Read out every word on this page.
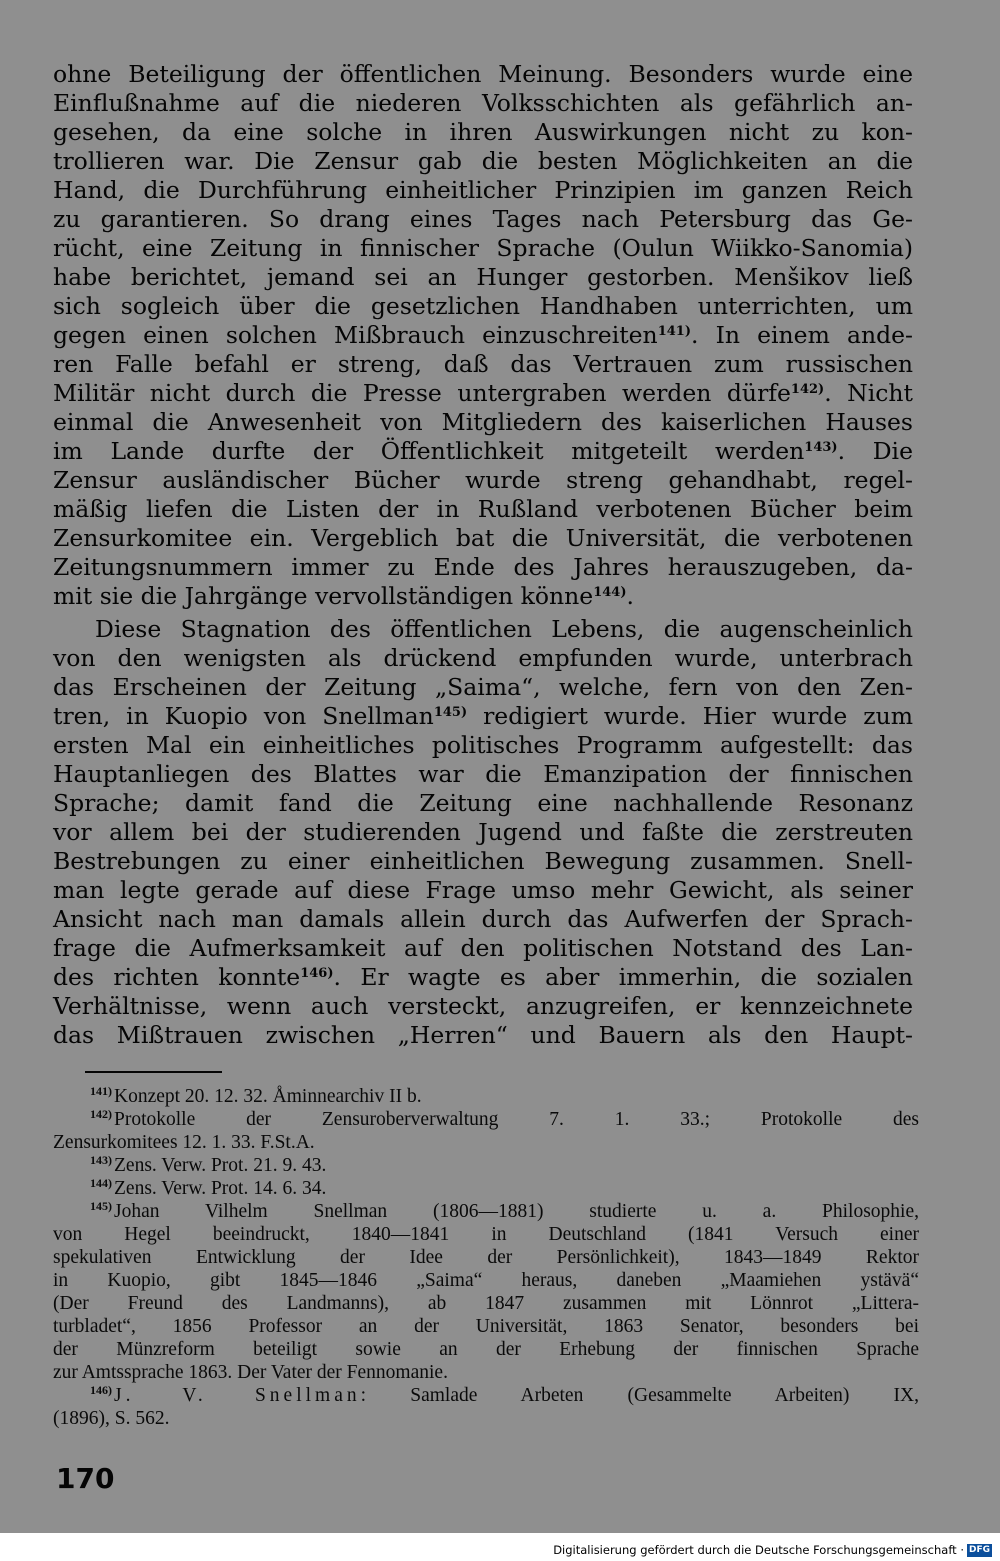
ohne Beteiligung der öffentlichen Meinung. Besonders wurde eine

Einflußnahme auf die niederen Volksschichten als gefährlich an-

gesehen, da eine solche in ihren Auswirkungen nicht zu kon-

trollieren war. Die Zensur gab die besten Möglichkeiten an die

Hand, die Durchführung einheitlicher Prinzipien im ganzen Reich

zu garantieren. So drang eines Tages nach Petersburg das Ge-

rücht, eine Zeitung in finnischer Sprache (Oulun Wiikko-Sanomia)

habe berichtet, jemand sei an Hunger gestorben. Menšikov ließ

sich sogleich über die gesetzlichen Handhaben unterrichten, um

gegen einen solchen Mißbrauch einzuschreiten$^{141)}$. In einem ande-

ren Falle befahl er streng, daß das Vertrauen zum russischen

Militär nicht durch die Presse untergraben werden dürfe$^{142)}$. Nicht

einmal die Anwesenheit von Mitgliedern des kaiserlichen Hauses

im Lande durfte der Öffentlichkeit mitgeteilt werden$^{143)}$. Die

Zensur ausländischer Bücher wurde streng gehandhabt, regel-

mäßig liefen die Listen der in Rußland verbotenen Bücher beim

Zensurkomitee ein. Vergeblich bat die Universität, die verbotenen

Zeitungsnummern immer zu Ende des Jahres herauszugeben, da-

mit sie die Jahrgänge vervollständigen könne$^{144)}$.

Diese Stagnation des öffentlichen Lebens, die augenscheinlich

von den wenigsten als drückend empfunden wurde, unterbrach

das Erscheinen der Zeitung „Saima“, welche, fern von den Zen-

tren, in Kuopio von Snellman$^{145)}$ redigiert wurde. Hier wurde zum

ersten Mal ein einheitliches politisches Programm aufgestellt: das

Hauptanliegen des Blattes war die Emanzipation der finnischen

Sprache; damit fand die Zeitung eine nachhallende Resonanz

vor allem bei der studierenden Jugend und faßte die zerstreuten

Bestrebungen zu einer einheitlichen Bewegung zusammen. Snell-

man legte gerade auf diese Frage umso mehr Gewicht, als seiner

Ansicht nach man damals allein durch das Aufwerfen der Sprach-

frage die Aufmerksamkeit auf den politischen Notstand des Lan-

des richten konnte$^{146)}$. Er wagte es aber immerhin, die sozialen

Verhältnisse, wenn auch versteckt, anzugreifen, er kennzeichnete

das Mißtrauen zwischen „Herren“ und Bauern als den Haupt-

$^{141)}$ Konzept 20. 12. 32. Åminnearchiv II b.
$^{142)}$ Protokolle der Zensuroberverwaltung 7. 1. 33.; Protokolle des
Zensurkomitees 12. 1. 33. F.St.A.
$^{143)}$ Zens. Verw. Prot. 21. 9. 43.
$^{144)}$ Zens. Verw. Prot. 14. 6. 34.
$^{145)}$ Johan Vilhelm Snellman (1806—1881) studierte u. a. Philosophie,
von Hegel beeindruckt, 1840—1841 in Deutschland (1841 Versuch einer
spekulativen Entwicklung der Idee der Persönlichkeit), 1843—1849 Rektor
in Kuopio, gibt 1845—1846 „Saima“ heraus, daneben „Maamiehen ystävä“
(Der Freund des Landmanns), ab 1847 zusammen mit Lönnrot „Littera-
turbladet“, 1856 Professor an der Universität, 1863 Senator, besonders bei
der Münzreform beteiligt sowie an der Erhebung der finnischen Sprache
zur Amtssprache 1863. Der Vater der Fennomanie.
$^{146)}$ J. V. Snellman: Samlade Arbeten (Gesammelte Arbeiten) IX,
(1896), S. 562.
170
Digitalisierung gefördert durch die Deutsche Forschungsgemeinschaft · DFG
